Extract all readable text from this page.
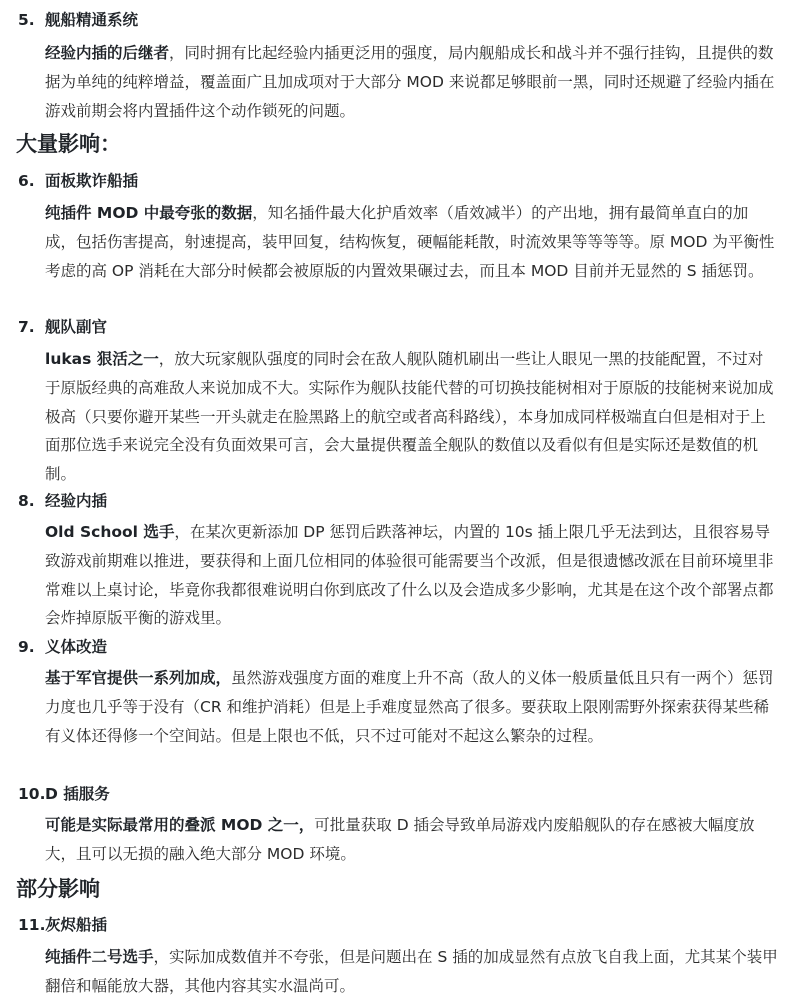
5. 舰船精通系统
经验内插的后继者，同时拥有比起经验内插更泛用的强度，局内舰船成长和战斗并不强行挂钩，且提供的数据为单纯的纯粹增益，覆盖面广且加成项对于大部分 MOD 来说都足够眼前一黑，同时还规避了经验内插在游戏前期会将内置插件这个动作锁死的问题。
大量影响：
6. 面板欺诈船插
纯插件 MOD 中最夸张的数据，知名插件最大化护盾效率（盾效减半）的产出地，拥有最简单直白的加成，包括伤害提高，射速提高，装甲回复，结构恢复，硬幅能耗散，时流效果等等等等。原 MOD 为平衡性考虑的高 OP 消耗在大部分时候都会被原版的内置效果碾过去，而且本 MOD 目前并无显然的 S 插惩罚。
7. 舰队副官
lukas 狠活之一，放大玩家舰队强度的同时会在敌人舰队随机刷出一些让人眼见一黑的技能配置，不过对于原版经典的高难敌人来说加成不大。实际作为舰队技能代替的可切换技能树相对于原版的技能树来说加成极高（只要你避开某些一开头就走在脸黑路上的航空或者高科路线），本身加成同样极端直白但是相对于上面那位选手来说完全没有负面效果可言，会大量提供覆盖全舰队的数值以及看似有但是实际还是数值的机制。
8. 经验内插
Old School 选手，在某次更新添加 DP 惩罚后跌落神坛，内置的 10s 插上限几乎无法到达，且很容易导致游戏前期难以推进，要获得和上面几位相同的体验很可能需要当个改派，但是很遗憾改派在目前环境里非常难以上桌讨论，毕竟你我都很难说明白你到底改了什么以及会造成多少影响，尤其是在这个改个部署点都会炸掉原版平衡的游戏里。
9. 义体改造
基于军官提供一系列加成，虽然游戏强度方面的难度上升不高（敌人的义体一般质量低且只有一两个）惩罚力度也几乎等于没有（CR 和维护消耗）但是上手难度显然高了很多。要获取上限刚需野外探索获得某些稀有义体还得修一个空间站。但是上限也不低，只不过可能对不起这么繁杂的过程。
10.D 插服务
可能是实际最常用的叠派 MOD 之一，可批量获取 D 插会导致单局游戏内废船舰队的存在感被大幅度放大，且可以无损的融入绝大部分 MOD 环境。
部分影响
11.灰烬船插
纯插件二号选手，实际加成数值并不夸张，但是问题出在 S 插的加成显然有点放飞自我上面，尤其某个装甲翻倍和幅能放大器，其他内容其实水温尚可。
